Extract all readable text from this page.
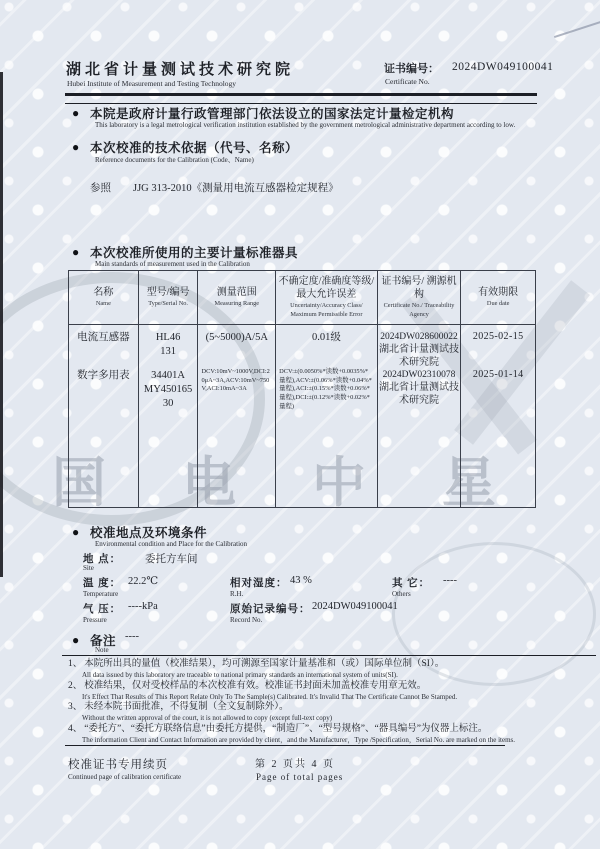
国电中星
湖北省计量测试技术研究院
Hubei Institute of Measurement and Testing Technology
证书编号： 2024DW049100041
Certificate No.
● 本院是政府计量行政管理部门依法设立的国家法定计量检定机构
This laboratory is a legal metrological verification institution established by the government metrological administrative department according to low.
● 本次校准的技术依据（代号、名称）
Reference documents for the Calibration (Code、Name)
参照 JJG 313-2010《测量用电流互感器检定规程》
● 本次校准所使用的主要计量标准器具
Main standards of measurement used in the Calibration
名称
Name
型号/编号
Type/Serial No.
测量范围
Measuring Range
不确定度/准确度等级/ 最大允许误差
Uncertainty/Accuracy Class/ Maximum Permissible Error
证书编号/ 溯源机构
Certificate No./ Traceability Agency
有效期限
Due date
电流互感器
数字多用表
HL46
131
34401A
MY45016530
(5~5000)A/5A
DCV:10mV~1000V,DCI:20μA~3A,ACV:10mV~750V,ACI:10mA~3A
0.01级
DCV:±(0.0050%*读数+0.0035%*量程),ACV:±(0.06%*读数+0.04%*量程),ACI:±(0.15%*读数+0.06%*量程),DCI:±(0.12%*读数+0.02%*量程)
2024DW028600022
湖北省计量测试技术研究院
2024DW02310078
湖北省计量测试技术研究院
2025-02-15
2025-01-14
● 校准地点及环境条件
Environmental condition and Place for the Calibration
地 点： 委托方车间
Site
温 度： 22.2℃
Temperature
相对湿度： 43 %
R.H.
其 它： ----
Others
气 压： ----kPa
Pressure
原始记录编号： 2024DW049100041
Record No.
● 备注 ----
Note
1、 本院所出具的量值（校准结果），均可溯源至国家计量基准和（或）国际单位制（SI）。
All data issued by this laboratory are traceable to national primary standards an international system of units(SI).
2、 校准结果，仅对受校样品的本次校准有效。校准证书封面未加盖校准专用章无效。
It's Effect That Results of This Report Relate Only To The Sample(s) Calibrated. It's Invalid That The Certificate Cannot Be Stamped.
3、 未经本院书面批准，不得复制（全文复制除外）。
Without the written approval of the court, it is not allowed to copy (except full-text copy)
4、 “委托方”、“委托方联络信息”由委托方提供，“制造厂”、“型号规格”、“器具编号”为仪器上标注。
The information Client and Contact Information are provided by client，and the Manufacturer，Type /Specification，Serial No. are marked on the items.
校准证书专用续页
Continued page of calibration certificate
第 2 页共 4 页
Page of total pages
